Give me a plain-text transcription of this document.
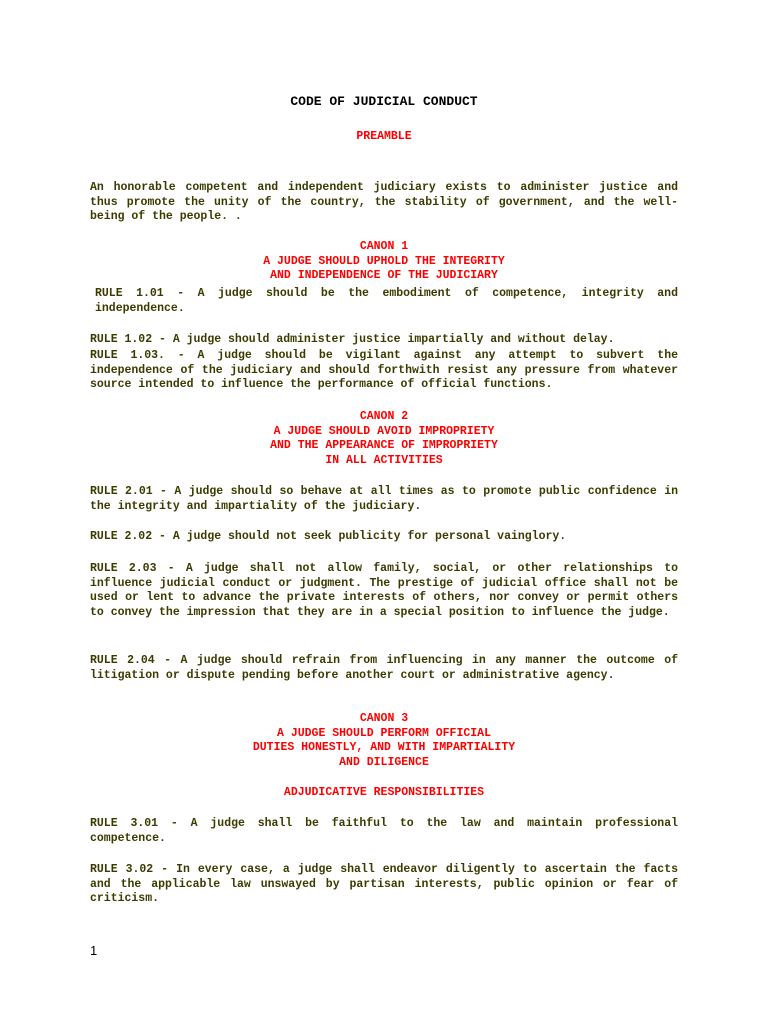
CODE OF JUDICIAL CONDUCT
PREAMBLE
An honorable competent and independent judiciary exists to administer justice and thus promote the unity of the country, the stability of government, and the well-being of the people. .
CANON 1
A JUDGE SHOULD UPHOLD THE INTEGRITY
AND INDEPENDENCE OF THE JUDICIARY
RULE 1.01 - A judge should be the embodiment of competence, integrity and independence.
RULE 1.02 - A judge should administer justice impartially and without delay.
RULE 1.03. - A judge should be vigilant against any attempt to subvert the independence of the judiciary and should forthwith resist any pressure from whatever source intended to influence the performance of official functions.
CANON 2
A JUDGE SHOULD AVOID IMPROPRIETY
AND THE APPEARANCE OF IMPROPRIETY
IN ALL ACTIVITIES
RULE 2.01 - A judge should so behave at all times as to promote public confidence in the integrity and impartiality of the judiciary.
RULE 2.02 - A judge should not seek publicity for personal vainglory.
RULE 2.03 - A judge shall not allow family, social, or other relationships to influence judicial conduct or judgment. The prestige of judicial office shall not be used or lent to advance the private interests of others, nor convey or permit others to convey the impression that they are in a special position to influence the judge.
RULE 2.04 - A judge should refrain from influencing in any manner the outcome of litigation or dispute pending before another court or administrative agency.
CANON 3
A JUDGE SHOULD PERFORM OFFICIAL
DUTIES HONESTLY, AND WITH IMPARTIALITY
AND DILIGENCE
ADJUDICATIVE RESPONSIBILITIES
RULE 3.01 - A judge shall be faithful to the law and maintain professional competence.
RULE 3.02 - In every case, a judge shall endeavor diligently to ascertain the facts and the applicable law unswayed by partisan interests, public opinion or fear of criticism.
1
